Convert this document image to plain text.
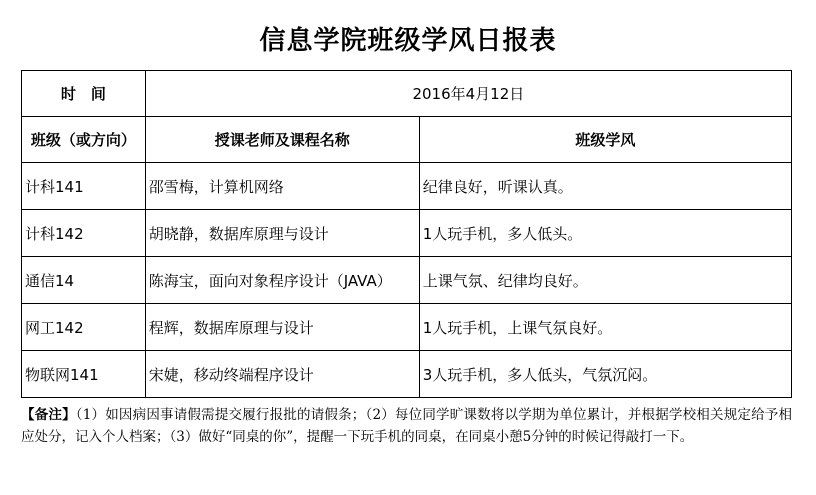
信息学院班级学风日报表
时　间	2016年4月12日	
班级（或方向）	授课老师及课程名称	班级学风
计科141	邵雪梅，计算机网络	纪律良好，听课认真。
计科142	胡晓静，数据库原理与设计	1人玩手机，多人低头。
通信14	陈海宝，面向对象程序设计（JAVA）	上课气氛、纪律均良好。
网工142	程辉，数据库原理与设计	1人玩手机，上课气氛良好。
物联网141	宋婕，移动终端程序设计	3人玩手机，多人低头，气氛沉闷。
【备注】（1）如因病因事请假需提交履行报批的请假条；（2）每位同学旷课数将以学期为单位累计，并根据学校相关规定给予相应处分，记入个人档案；（3）做好“同桌的你”，提醒一下玩手机的同桌，在同桌小憩5分钟的时候记得敲打一下。
